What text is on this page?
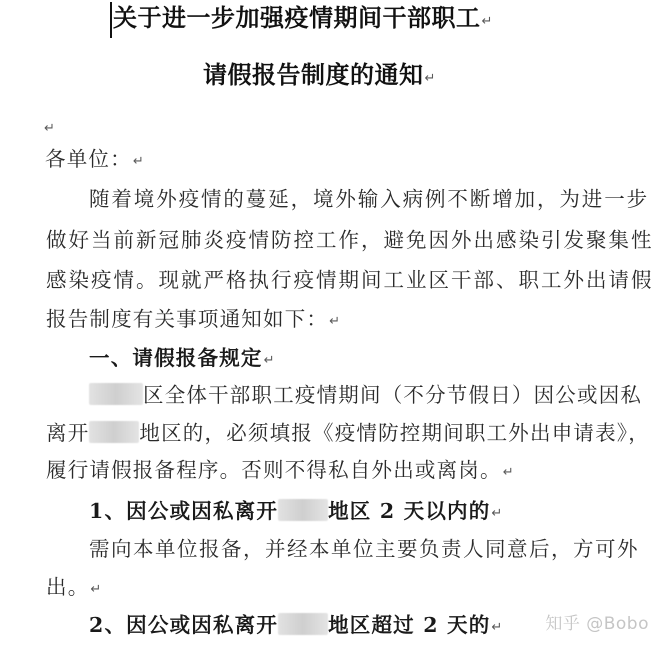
关于进一步加强疫情期间干部职工↵
请假报告制度的通知↵
↵
各单位：↵
随着境外疫情的蔓延，境外输入病例不断增加，为进一步
做好当前新冠肺炎疫情防控工作，避免因外出感染引发聚集性
感染疫情。现就严格执行疫情期间工业区干部、职工外出请假
报告制度有关事项通知如下：↵
一、请假报备规定↵
区全体干部职工疫情期间（不分节假日）因公或因私
离开 地区的，必须填报《疫情防控期间职工外出申请表》，
履行请假报备程序。否则不得私自外出或离岗。↵
1、因公或因私离开 地区 2 天以内的↵
需向本单位报备，并经本单位主要负责人同意后，方可外
出。↵
2、因公或因私离开 地区超过 2 天的↵	知乎 @Bobo
